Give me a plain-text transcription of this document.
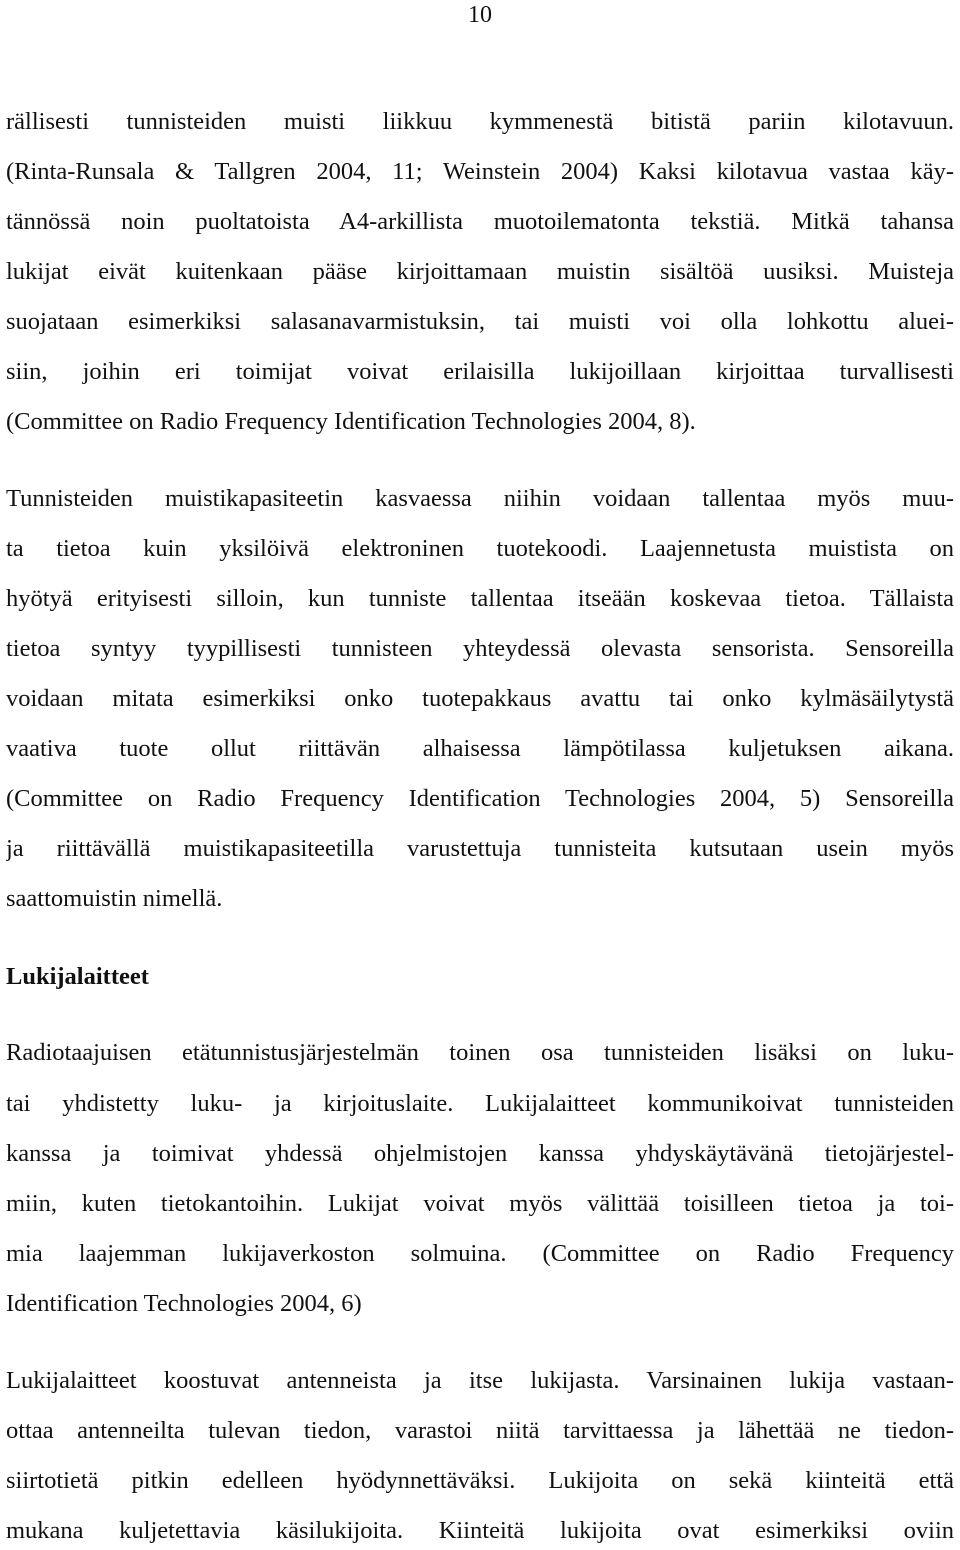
10
rällisesti tunnisteiden muisti liikkuu kymmenestä bitistä pariin kilotavuun.
(Rinta-Runsala & Tallgren 2004, 11; Weinstein 2004) Kaksi kilotavua vastaa käy-
tännössä noin puoltatoista A4-arkillista muotoilematonta tekstiä. Mitkä tahansa
lukijat eivät kuitenkaan pääse kirjoittamaan muistin sisältöä uusiksi. Muisteja
suojataan esimerkiksi salasanavarmistuksin, tai muisti voi olla lohkottu aluei-
siin, joihin eri toimijat voivat erilaisilla lukijoillaan kirjoittaa turvallisesti
(Committee on Radio Frequency Identification Technologies 2004, 8).
Tunnisteiden muistikapasiteetin kasvaessa niihin voidaan tallentaa myös muu-
ta tietoa kuin yksilöivä elektroninen tuotekoodi. Laajennetusta muistista on
hyötyä erityisesti silloin, kun tunniste tallentaa itseään koskevaa tietoa. Tällaista
tietoa syntyy tyypillisesti tunnisteen yhteydessä olevasta sensorista. Sensoreilla
voidaan mitata esimerkiksi onko tuotepakkaus avattu tai onko kylmäsäilytystä
vaativa tuote ollut riittävän alhaisessa lämpötilassa kuljetuksen aikana.
(Committee on Radio Frequency Identification Technologies 2004, 5) Sensoreilla
ja riittävällä muistikapasiteetilla varustettuja tunnisteita kutsutaan usein myös
saattomuistin nimellä.
Lukijalaitteet
Radiotaajuisen etätunnistusjärjestelmän toinen osa tunnisteiden lisäksi on luku-
tai yhdistetty luku- ja kirjoituslaite. Lukijalaitteet kommunikoivat tunnisteiden
kanssa ja toimivat yhdessä ohjelmistojen kanssa yhdyskäytävänä tietojärjestel-
miin, kuten tietokantoihin. Lukijat voivat myös välittää toisilleen tietoa ja toi-
mia laajemman lukijaverkoston solmuina. (Committee on Radio Frequency
Identification Technologies 2004, 6)
Lukijalaitteet koostuvat antenneista ja itse lukijasta. Varsinainen lukija vastaan-
ottaa antenneilta tulevan tiedon, varastoi niitä tarvittaessa ja lähettää ne tiedon-
siirtotietä pitkin edelleen hyödynnettäväksi. Lukijoita on sekä kiinteitä että
mukana kuljetettavia käsilukijoita. Kiinteitä lukijoita ovat esimerkiksi oviin
